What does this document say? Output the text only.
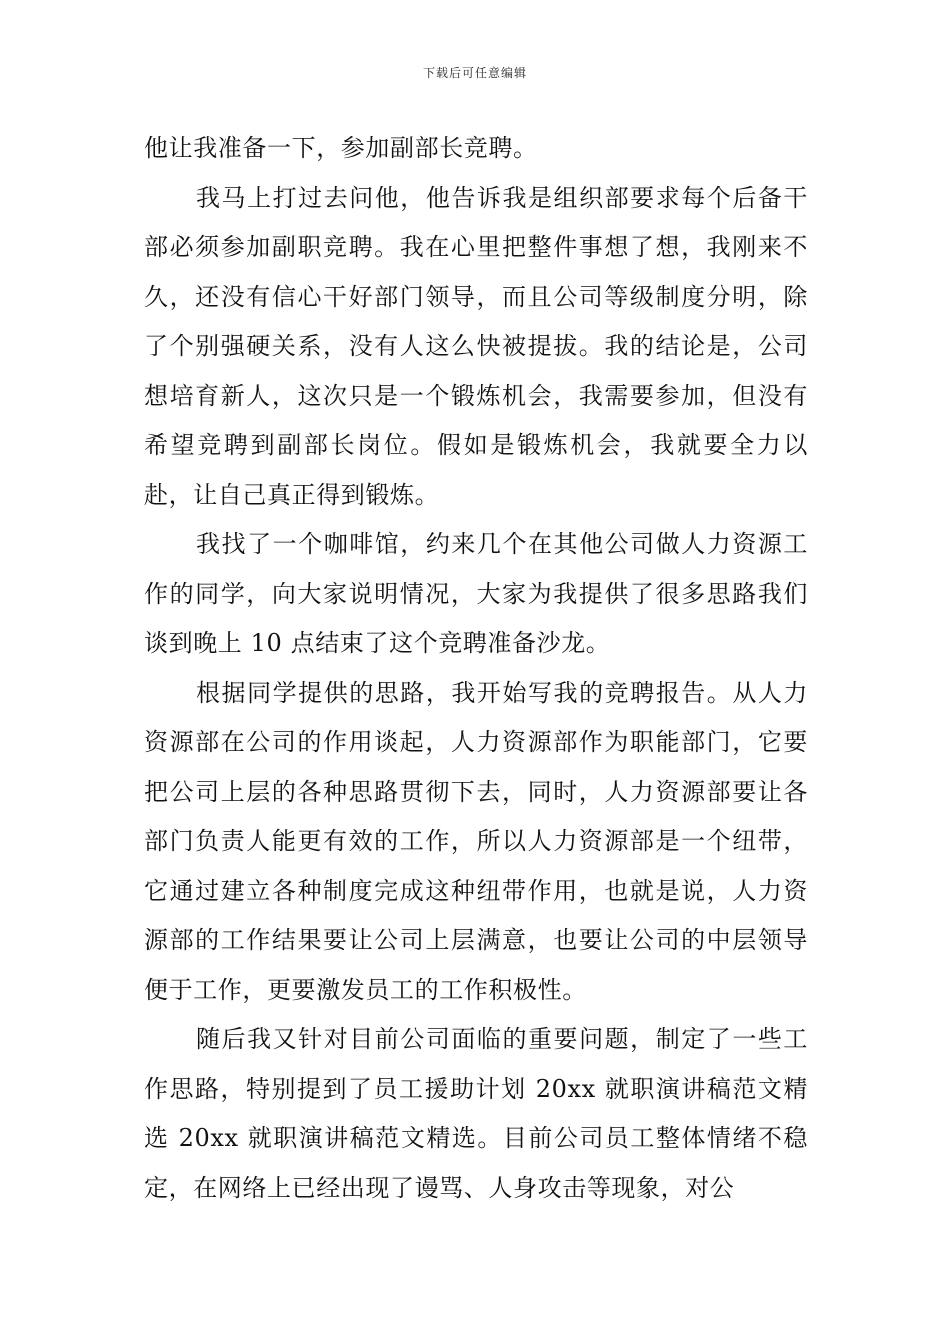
下载后可任意编辑

他让我准备一下，参加副部长竞聘。

我马上打过去问他，他告诉我是组织部要求每个后备干部必须参加副职竞聘。我在心里把整件事想了想，我刚来不久，还没有信心干好部门领导，而且公司等级制度分明，除了个别强硬关系，没有人这么快被提拔。我的结论是，公司想培育新人，这次只是一个锻炼机会，我需要参加，但没有希望竞聘到副部长岗位。假如是锻炼机会，我就要全力以赴，让自己真正得到锻炼。

我找了一个咖啡馆，约来几个在其他公司做人力资源工作的同学，向大家说明情况，大家为我提供了很多思路我们谈到晚上 10 点结束了这个竞聘准备沙龙。

根据同学提供的思路，我开始写我的竞聘报告。从人力资源部在公司的作用谈起，人力资源部作为职能部门，它要把公司上层的各种思路贯彻下去，同时，人力资源部要让各部门负责人能更有效的工作，所以人力资源部是一个纽带，它通过建立各种制度完成这种纽带作用，也就是说，人力资源部的工作结果要让公司上层满意，也要让公司的中层领导便于工作，更要激发员工的工作积极性。

随后我又针对目前公司面临的重要问题，制定了一些工作思路，特别提到了员工援助计划 20xx 就职演讲稿范文精选 20xx 就职演讲稿范文精选。目前公司员工整体情绪不稳定，在网络上已经出现了谩骂、人身攻击等现象，对公
